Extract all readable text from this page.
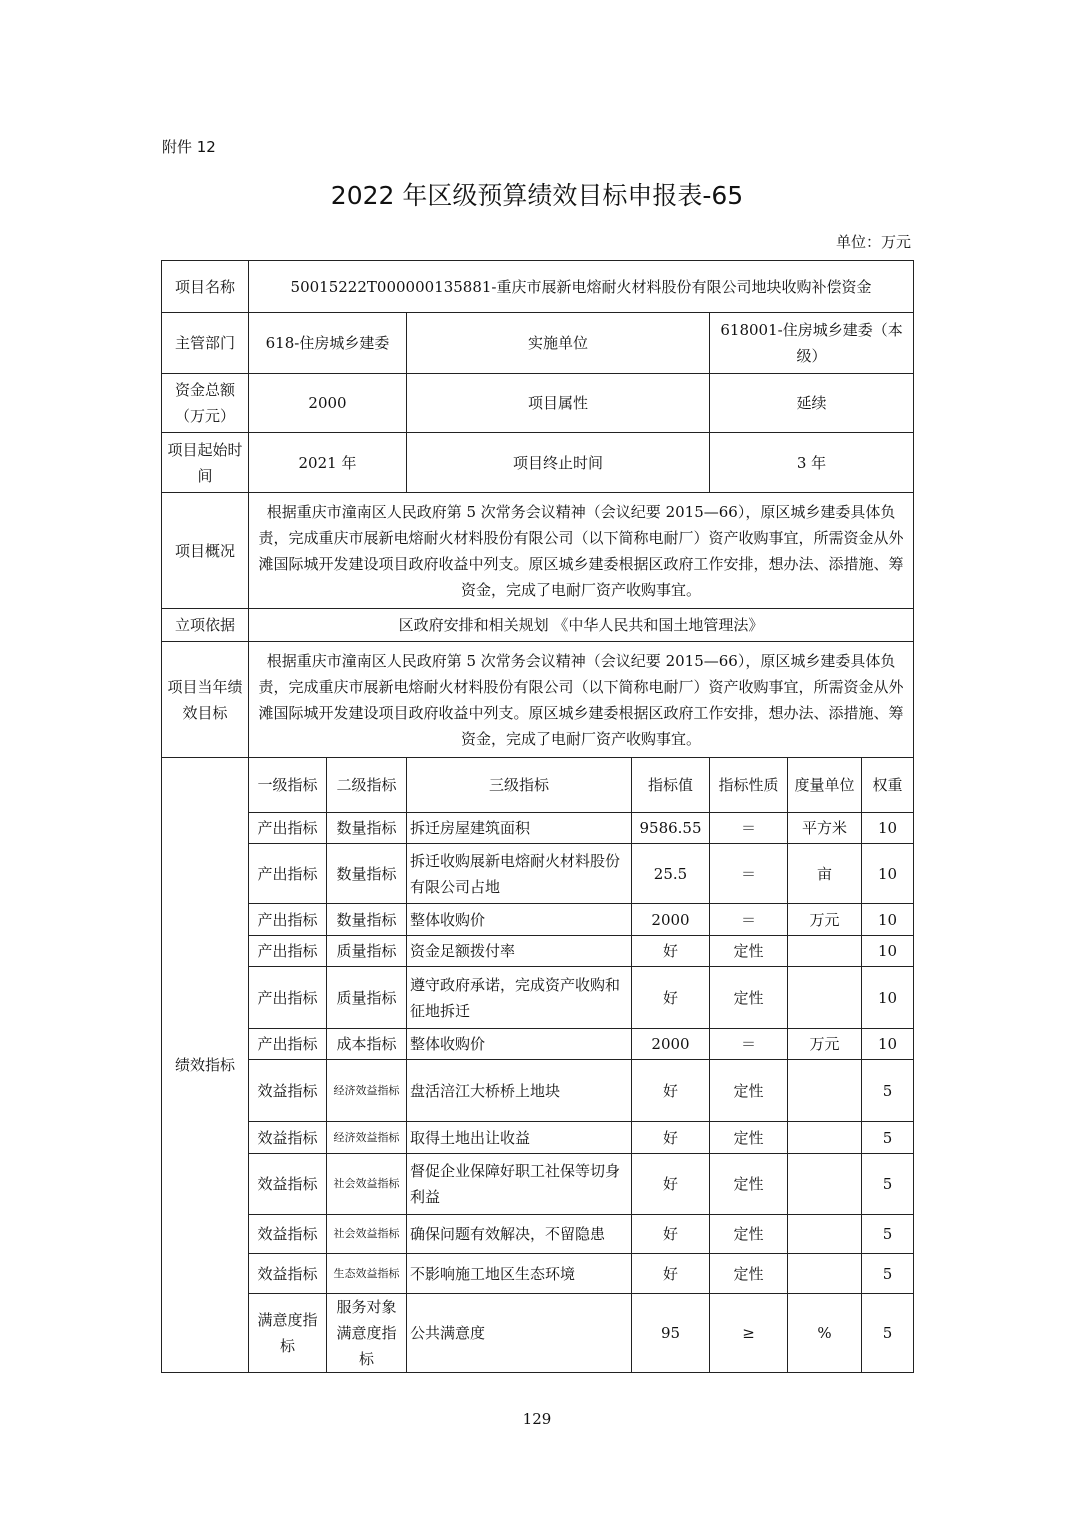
附件 12
2022 年区级预算绩效目标申报表-65
单位：万元
项目名称	50015222T000000135881-重庆市展新电熔耐火材料股份有限公司地块收购补偿资金						
主管部门	618-住房城乡建委		实施单位		618001-住房城乡建委（本级）		
资金总额（万元）	2000		项目属性		延续		
项目起始时间	2021 年		项目终止时间		3 年		
项目概况	根据重庆市潼南区人民政府第 5 次常务会议精神（会议纪要 2015—66），原区城乡建委具体负责，完成重庆市展新电熔耐火材料股份有限公司（以下简称电耐厂）资产收购事宜，所需资金从外滩国际城开发建设项目政府收益中列支。原区城乡建委根据区政府工作安排，想办法、添措施、筹资金，完成了电耐厂资产收购事宜。						
立项依据	区政府安排和相关规划 《中华人民共和国土地管理法》						
项目当年绩效目标	根据重庆市潼南区人民政府第 5 次常务会议精神（会议纪要 2015—66），原区城乡建委具体负责，完成重庆市展新电熔耐火材料股份有限公司（以下简称电耐厂）资产收购事宜，所需资金从外滩国际城开发建设项目政府收益中列支。原区城乡建委根据区政府工作安排，想办法、添措施、筹资金，完成了电耐厂资产收购事宜。						
绩效指标	一级指标	二级指标	三级指标	指标值	指标性质	度量单位	权重
	产出指标	数量指标	拆迁房屋建筑面积	9586.55	＝	平方米	10
	产出指标	数量指标	拆迁收购展新电熔耐火材料股份有限公司占地	25.5	＝	亩	10
	产出指标	数量指标	整体收购价	2000	＝	万元	10
	产出指标	质量指标	资金足额拨付率	好	定性		10
	产出指标	质量指标	遵守政府承诺，完成资产收购和征地拆迁	好	定性		10
	产出指标	成本指标	整体收购价	2000	＝	万元	10
	效益指标	经济效益指标	盘活涪江大桥桥上地块	好	定性		5
	效益指标	经济效益指标	取得土地出让收益	好	定性		5
	效益指标	社会效益指标	督促企业保障好职工社保等切身利益	好	定性		5
	效益指标	社会效益指标	确保问题有效解决，不留隐患	好	定性		5
	效益指标	生态效益指标	不影响施工地区生态环境	好	定性		5
	满意度指标	服务对象满意度指标	公共满意度	95	≥	%	5
129
